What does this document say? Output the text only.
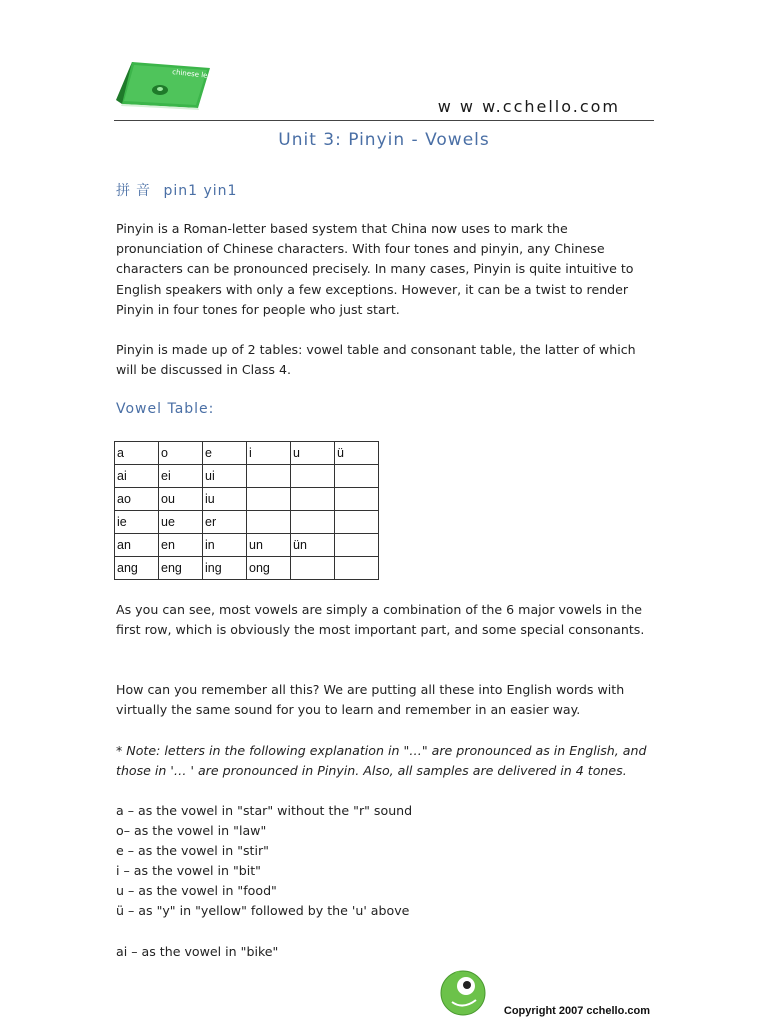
chinese lesson
w w w.cchello.com
Unit 3: Pinyin - Vowels
拼音 pin1 yin1

Pinyin is a Roman-letter based system that China now uses to mark the pronunciation of Chinese characters. With four tones and pinyin, any Chinese characters can be pronounced precisely. In many cases, Pinyin is quite intuitive to English speakers with only a few exceptions. However, it can be a twist to render Pinyin in four tones for people who just start.

Pinyin is made up of 2 tables: vowel table and consonant table, the latter of which will be discussed in Class 4.

Vowel Table:
a	o	e	i	u	ü
ai	ei	ui			
ao	ou	iu			
ie	ue	er			
an	en	in	un	ün	
ang	eng	ing	ong		

As you can see, most vowels are simply a combination of the 6 major vowels in the first row, which is obviously the most important part, and some special consonants.

How can you remember all this? We are putting all these into English words with virtually the same sound for you to learn and remember in an easier way.

* Note: letters in the following explanation in "…" are pronounced as in English, and those in '… ' are pronounced in Pinyin. Also, all samples are delivered in 4 tones.

a – as the vowel in "star" without the "r" sound
o– as the vowel in "law"
e – as the vowel in "stir"
i – as the vowel in "bit"
u – as the vowel in "food"
ü – as "y" in "yellow" followed by the 'u' above

ai – as the vowel in "bike"

Copyright 2007 cchello.com
